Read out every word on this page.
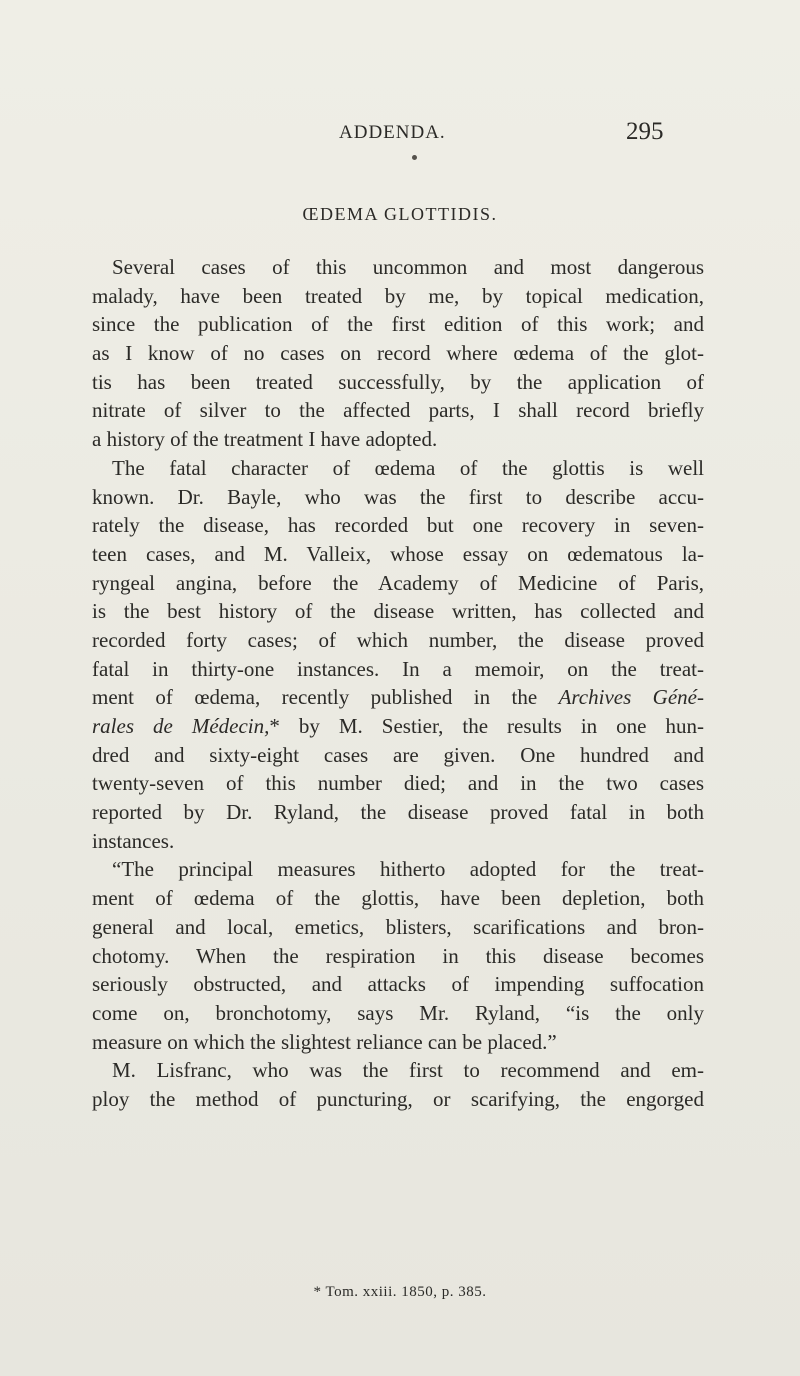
ADDENDA.	295
ŒDEMA GLOTTIDIS.
Several cases of this uncommon and most dangerous
malady, have been treated by me, by topical medication,
since the publication of the first edition of this work; and
as I know of no cases on record where œdema of the glot-
tis has been treated successfully, by the application of
nitrate of silver to the affected parts, I shall record briefly
a history of the treatment I have adopted.
The fatal character of œdema of the glottis is well
known. Dr. Bayle, who was the first to describe accu-
rately the disease, has recorded but one recovery in seven-
teen cases, and M. Valleix, whose essay on œdematous la-
ryngeal angina, before the Academy of Medicine of Paris,
is the best history of the disease written, has collected and
recorded forty cases; of which number, the disease proved
fatal in thirty-one instances. In a memoir, on the treat-
ment of œdema, recently published in the Archives Géné-
rales de Médecin,* by M. Sestier, the results in one hun-
dred and sixty-eight cases are given. One hundred and
twenty-seven of this number died; and in the two cases
reported by Dr. Ryland, the disease proved fatal in both
instances.
“The principal measures hitherto adopted for the treat-
ment of œdema of the glottis, have been depletion, both
general and local, emetics, blisters, scarifications and bron-
chotomy. When the respiration in this disease becomes
seriously obstructed, and attacks of impending suffocation
come on, bronchotomy, says Mr. Ryland, “is the only
measure on which the slightest reliance can be placed.”
M. Lisfranc, who was the first to recommend and em-
ploy the method of puncturing, or scarifying, the engorged
* Tom. xxiii. 1850, p. 385.
